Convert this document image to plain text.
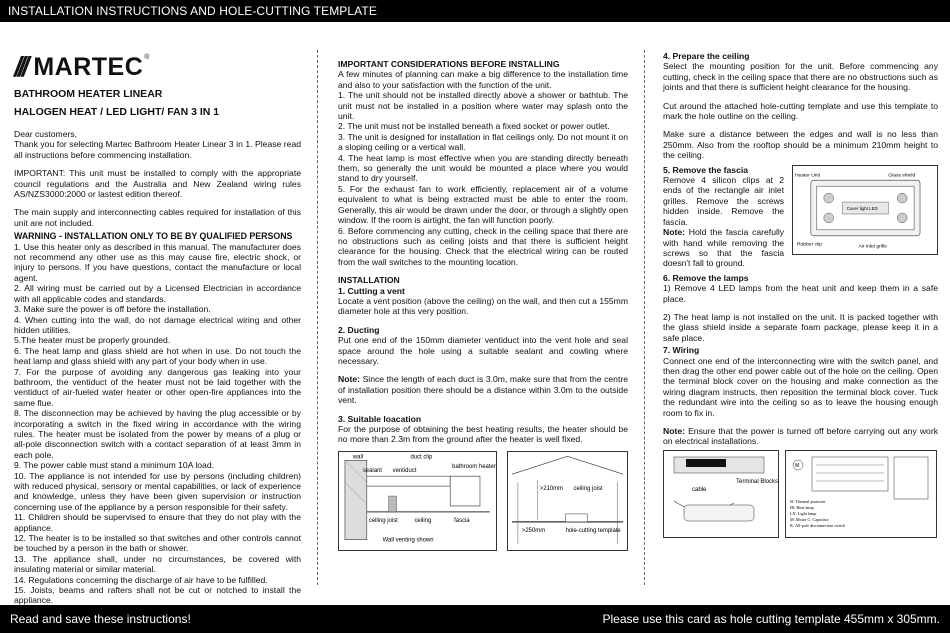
INSTALLATION INSTRUCTIONS AND HOLE-CUTTING TEMPLATE
/// MARTEC ®
BATHROOM HEATER LINEAR
HALOGEN HEAT / LED LIGHT/ FAN 3 IN 1

Dear customers,
Thank you for selecting Martec Bathroom Heater Linear 3 in 1. Please read all instructions before commencing installation.

IMPORTANT: This unit must be installed to comply with the appropriate council regulations and the Australia and New Zealand wiring rules AS/NZS3000:2000 or lastest edition thereof.

The main supply and interconnecting cables required for installation of this unit are not included.

WARNING - INSTALLATION ONLY TO BE BY QUALIFIED PERSONS
1. Use this heater only as described in this manual. The manufacturer does not recommend any other use as this may cause fire, electric shock, or injury to persons. If you have questions, contact the manufacture or local agent.
2. All wiring must be carried out by a Licensed Electrician in accordance with all applicable codes and standards.
3. Make sure the power is off before the installation.
4. When cutting into the wall, do not damage electrical wiring and other hidden utilities.
5.The heater must be properly grounded.
6. The heat lamp and glass shield are hot when in use. Do not touch the heat lamp and glass shield with any part of your body when in use.
7. For the purpose of avoiding any dangerous gas leaking into your bathroom, the ventiduct of the heater must not be laid together with the ventiduct of air-fueled water heater or other open-fire appliances into the same flue.
8. The disconnection may be achieved by having the plug accessible or by incorporating a switch in the fixed wiring in accordance with the wiring rules. The heater must be isolated from the power by means of a plug or all-pole disconnection switch with a contact separation of at least 3mm in each pole.
9. The power cable must stand a minimum 10A load.
10. The appliance is not intended for use by persons (including children) with reduced physical, sensory or mental capabilities, or lack of experience and knowledge, unless they have been given supervision or instruction concerning use of the appliance by a person responsible for their safety.
11. Children should be supervised to ensure that they do not play with the appliance.
12. The heater is to be installed so that switches and other controls cannot be touched by a person in the bath or shower.
13. The appliance shall, under no circumstances, be covered with insulating material or similar material.
14. Regulations concerning the discharge of air have to be fulfilled.
15. Joists, beams and rafters shall not be cut or notched to install the appliance.
IMPORTANT CONSIDERATIONS BEFORE INSTALLING
A few minutes of planning can make a big difference to the installation time and also to your satisfaction with the function of the unit.
1. The unit should not be installed directly above a shower or bathtub. The unit must not be installed in a position where water may splash onto the unit.
2. The unit must not be installed beneath a fixed socket or power outlet.
3. The unit is designed for installation in flat ceilings only. Do not mount it on a sloping ceiling or a vertical wall.
4. The heat lamp is most effective when you are standing directly beneath them, so generally the unit would be mounted a place where you would stand to dry yourself.
5. For the exhaust fan to work efficiently, replacement air of a volume equivalent to what is being extracted must be able to enter the room. Generally, this air would be drawn under the door, or through a slightly open window. If the room is airtight, the fan will function poorly.
6. Before commencing any cutting, check in the ceiling space that there are no obstructions such as ceiling joists and that there is sufficient height clearance for the housing. Check that the electrical wiring can be routed from the wall switches to the mounting location.
INSTALLATION
1. Cutting a vent

Locate a vent position (above the ceiling) on the wall, and then cut a 155mm diameter hole at this very position.

2. Ducting

Put one end of the 150mm diameter ventiduct into the vent hole and seal space around the hole using a suitable sealant and cowling where necessary.

Note: Since the length of each duct is 3.0m, make sure that from the centre of installation position there should be a distance within 3.0m to the outside vent.

3. Suitable loacation

For the purpose of obtaining the best heating results, the heater should be no more than 2.3m from the ground after the heater is well fixed.

wall	duct clip
sealant ventiduct
bathroom heater
ceiling joist	ceiling	fascia
Wall venting shown
>210mm ceiling joist
>250mm	hole-cutting template
4. Prepare the ceiling

Select the mounting position for the unit. Before commencing any cutting, check in the ceiling space that there are no obstructions such as joints and that there is sufficient height clearance for the housing.

Cut around the attached hole-cutting template and use this template to mark the hole outline on the ceiling.

Make sure a distance between the edges and wall is no less than 250mm. Also from the rooftop should be a minimum 210mm height to the ceiling.

5. Remove the fascia
Remove 4 silicon clips at 2 ends of the rectangle air inlet grilles. Remove the screws hidden inside. Remove the fascia.
Note: Hold the fascia carefully with hand while removing the screws so that the fascia doesn't fall to ground.
Heater Unit	Glass shield
Cover light LED
Rubber clip	Air inlet grille
6. Remove the lamps

1) Remove 4 LED lamps from the heat unit and keep them in a safe place.

2) The heat lamp is not installed on the unit. It is packed together with the glass shield inside a separate foam package, please keep it in a safe place.

7. Wiring

Connect one end of the interconnecting wire with the switch panel, and then drag the other end power cable out of the hole on the ceiling. Open the terminal block cover on the housing and make connection as the wiring diagram instructs, then reposition the terminal block cover. Tuck the redundant wire into the ceiling so as to leave the housing enough room to fix in.

Note: Ensure that the power is turned off before carrying out any work on electrical installations.

cable
Terminal Blocks
M
Θ: Thermal protector
IR: Heat lamp
LN: Light lamp
M: Motor C: Capacitor
K: All-pole disconnection switch
Read and save these instructions!	Please use this card as hole cutting template 455mm x 305mm.
